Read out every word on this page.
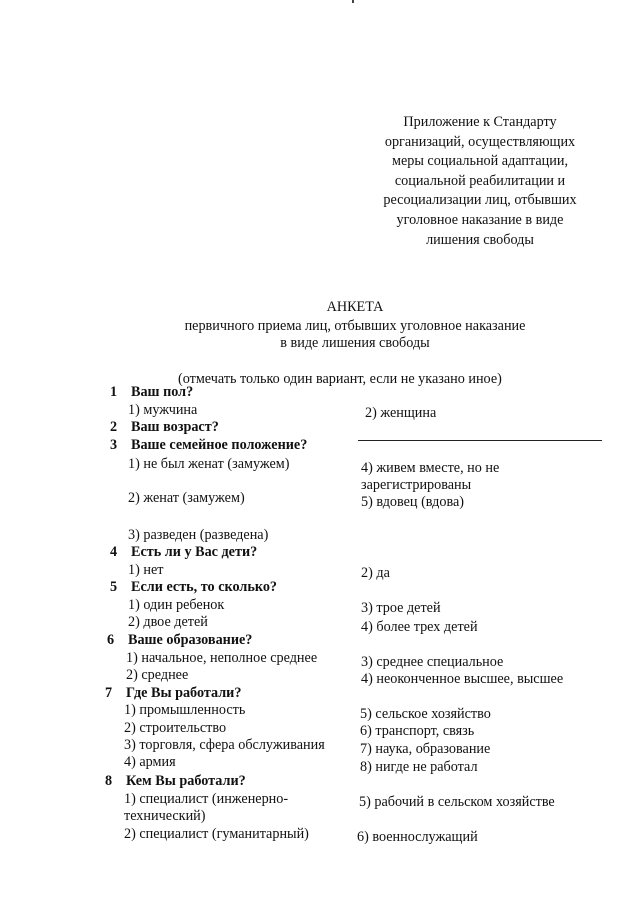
Приложение к Стандарту
организаций, осуществляющих
меры социальной адаптации,
социальной реабилитации и
ресоциализации лиц, отбывших
уголовное наказание в виде
лишения свободы
АНКЕТА
первичного приема лиц, отбывших уголовное наказание
в виде лишения свободы
(отмечать только один вариант, если не указано иное)
1 Ваш пол?
1) мужчина	2) женщина
2 Ваш возраст?
3 Ваше семейное положение?
1) не был женат (замужем)
2) женат (замужем)
3) разведен (разведена)
4) живем вместе, но не
зарегистрированы
5) вдовец (вдова)
4 Есть ли у Вас дети?
1) нет	2) да
5 Если есть, то сколько?
1) один ребенок
2) двое детей
3) трое детей
4) более трех детей
6 Ваше образование?
1) начальное, неполное среднее
2) среднее
3) среднее специальное
4) неоконченное высшее, высшее
7 Где Вы работали?
1) промышленность
2) строительство
3) торговля, сфера обслуживания
4) армия
5) сельское хозяйство
6) транспорт, связь
7) наука, образование
8) нигде не работал
8 Кем Вы работали?
1) специалист (инженерно-
технический)
2) специалист (гуманитарный)
5) рабочий в сельском хозяйстве
6) военнослужащий
